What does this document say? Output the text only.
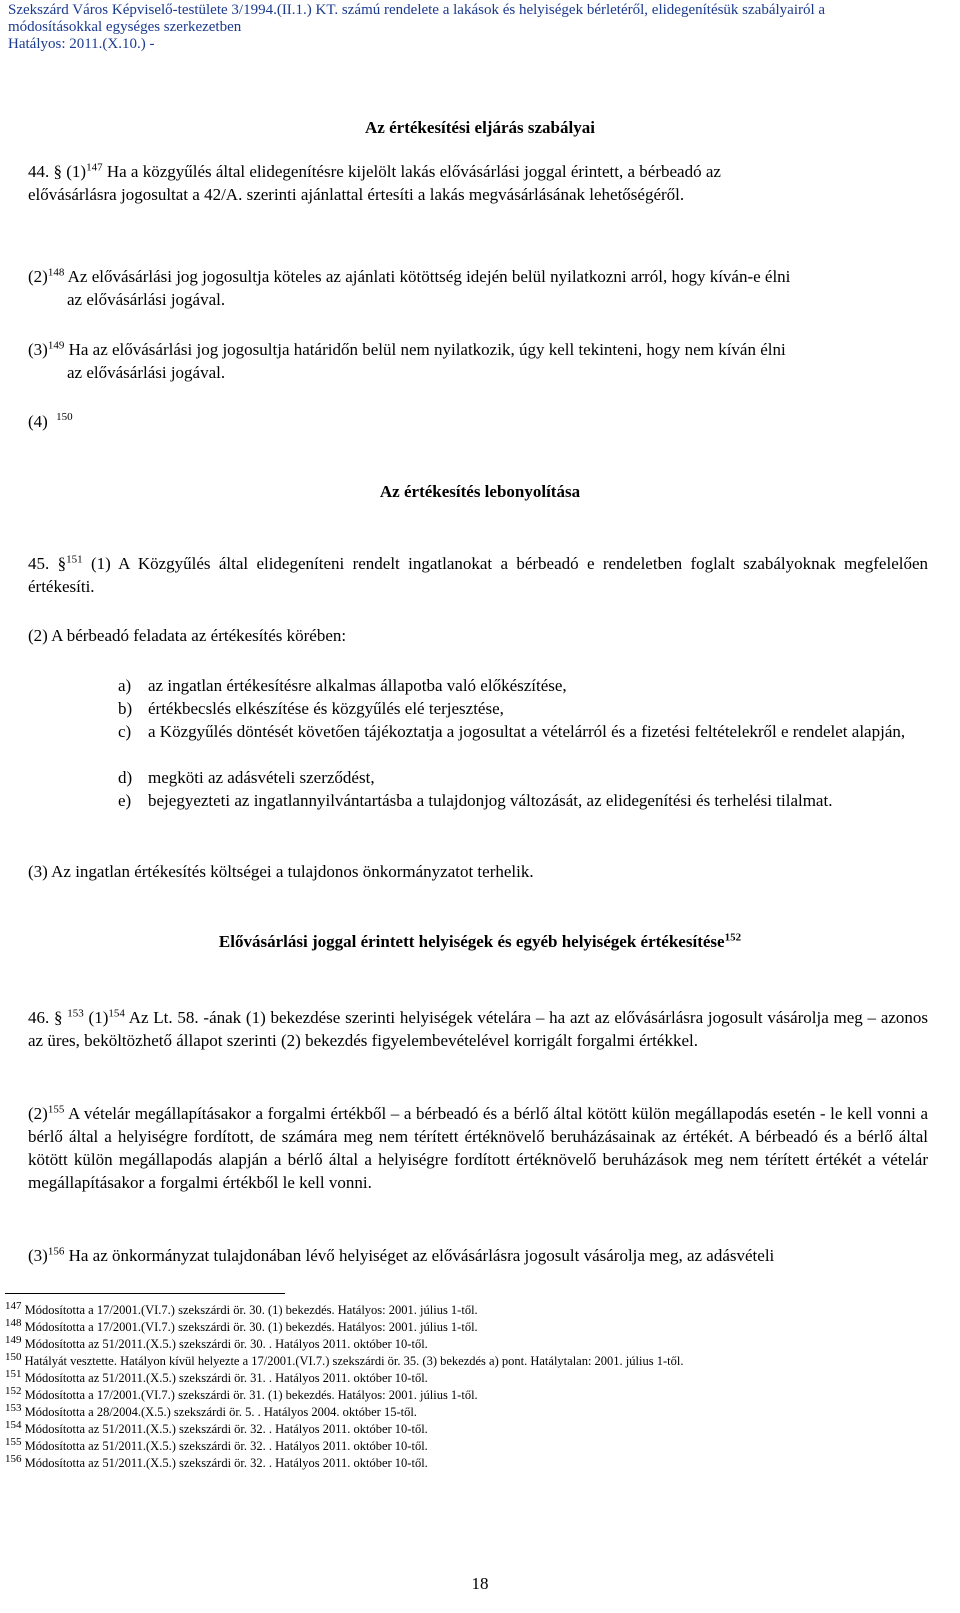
Szekszárd Város Képviselő-testülete 3/1994.(II.1.) KT. számú rendelete a lakások és helyiségek bérletéről, elidegenítésük szabályairól a
módosításokkal egységes szerkezetben
Hatályos: 2011.(X.10.) -
Az értékesítési eljárás szabályai
44. § $(1)^{147}$ Ha a közgyűlés által elidegenítésre kijelölt lakás elővásárlási joggal érintett, a bérbeadó az
elővásárlásra jogosultat a 42/A. szerinti ajánlattal értesíti a lakás megvásárlásának lehetőségéről.
$(2)^{148}$ Az elővásárlási jog jogosultja köteles az ajánlati kötöttség idején belül nyilatkozni arról, hogy kíván-e élni
az elővásárlási jogával.
$(3)^{149}$ Ha az elővásárlási jog jogosultja határidőn belül nem nyilatkozik, úgy kell tekinteni, hogy nem kíván élni
az elővásárlási jogával.
(4) $^{150}$
Az értékesítés lebonyolítása
45. §$^{151}$ (1) A Közgyűlés által elidegeníteni rendelt ingatlanokat a bérbeadó e rendeletben foglalt szabályoknak megfelelően értékesíti.
(2) A bérbeadó feladata az értékesítés körében:
a) az ingatlan értékesítésre alkalmas állapotba való előkészítése,
b) értékbecslés elkészítése és közgyűlés elé terjesztése,
c) a Közgyűlés döntését követően tájékoztatja a jogosultat a vételárról és a fizetési feltételekről e rendelet alapján,
d) megköti az adásvételi szerződést,
e) bejegyezteti az ingatlannyilvántartásba a tulajdonjog változását, az elidegenítési és terhelési tilalmat.
(3) Az ingatlan értékesítés költségei a tulajdonos önkormányzatot terhelik.
Elővásárlási joggal érintett helyiségek és egyéb helyiségek értékesítése$^{152}$
46. § $^{153}$ $(1)^{154}$ Az Lt. 58. -ának (1) bekezdése szerinti helyiségek vételára – ha azt az elővásárlásra jogosult vásárolja meg – azonos az üres, beköltözhető állapot szerinti (2) bekezdés figyelembevételével korrigált forgalmi értékkel.
$(2)^{155}$ A vételár megállapításakor a forgalmi értékből – a bérbeadó és a bérlő által kötött külön megállapodás esetén - le kell vonni a bérlő által a helyiségre fordított, de számára meg nem térített értéknövelő beruházásainak az értékét. A bérbeadó és a bérlő által kötött külön megállapodás alapján a bérlő által a helyiségre fordított értéknövelő beruházások meg nem térített értékét a vételár megállapításakor a forgalmi értékből le kell vonni.
$(3)^{156}$ Ha az önkormányzat tulajdonában lévő helyiséget az elővásárlásra jogosult vásárolja meg, az adásvételi
$^{147}$ Módosította a 17/2001.(VI.7.) szekszárdi ör. 30. (1) bekezdés. Hatályos: 2001. július 1-től.
$^{148}$ Módosította a 17/2001.(VI.7.) szekszárdi ör. 30. (1) bekezdés. Hatályos: 2001. július 1-től.
$^{149}$ Módosította az 51/2011.(X.5.) szekszárdi ör. 30. . Hatályos 2011. október 10-től.
$^{150}$ Hatályát vesztette. Hatályon kívül helyezte a 17/2001.(VI.7.) szekszárdi ör. 35. (3) bekezdés a) pont. Hatálytalan: 2001. július 1-től.
$^{151}$ Módosította az 51/2011.(X.5.) szekszárdi ör. 31. . Hatályos 2011. október 10-től.
$^{152}$ Módosította a 17/2001.(VI.7.) szekszárdi ör. 31. (1) bekezdés. Hatályos: 2001. július 1-től.
$^{153}$ Módosította a 28/2004.(X.5.) szekszárdi ör. 5. . Hatályos 2004. október 15-től.
$^{154}$ Módosította az 51/2011.(X.5.) szekszárdi ör. 32. . Hatályos 2011. október 10-től.
$^{155}$ Módosította az 51/2011.(X.5.) szekszárdi ör. 32. . Hatályos 2011. október 10-től.
$^{156}$ Módosította az 51/2011.(X.5.) szekszárdi ör. 32. . Hatályos 2011. október 10-től.
18
